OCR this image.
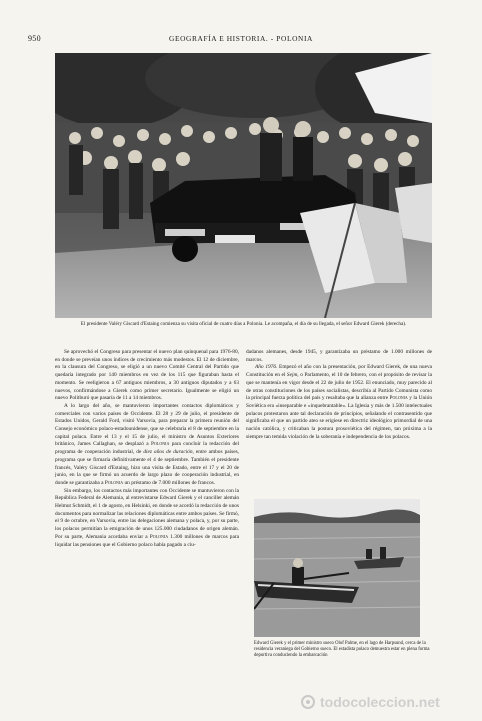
950	GEOGRAFÍA E HISTORIA. - POLONIA
El presidente Valéry Giscard d'Estaing comienza su visita oficial de cuatro días a Polonia. Le acompaña, el día de su llegada, el señor Edward Gierek (derecha).

Se aprovechó el Congreso para presentar el nuevo plan quinquenal para 1976-80, en donde se preveían unos índices de crecimiento más modestos. El 12 de diciembre, en la clausura del Congreso, se eligió a un nuevo Comité Central del Partido que quedaría integrado por 140 miembros en vez de los 115 que figuraban hasta el momento. Se reeligieron a 67 antiguos miembros, a 30 antiguos diputados y a 63 nuevos, confirmándose a Gierek como primer secretario. Igualmente se eligió un nuevo Politburó que pasaría de 11 a 14 miembros.

A lo largo del año, se mantuvieron importantes contactos diplomáticos y comerciales con varios países de Occidente. El 28 y 29 de julio, el presidente de Estados Unidos, Gerald Ford, visitó Varsovia, para preparar la primera reunión del Consejo económico polaco-estadounidense, que se celebraría el 8 de septiembre en la capital polaca. Entre el 13 y el 15 de julio, el ministro de Asuntos Exteriores británico, James Callaghan, se desplazó a Polonia para concluir la redacción del programa de cooperación industrial, de diez años de duración, entre ambos países, programa que se firmaría definitivamente el 4 de septiembre. También el presidente francés, Valéry Giscard d'Estaing, hizo una visita de Estado, entre el 17 y el 20 de junio, en la que se firmó un acuerdo de largo plazo de cooperación industrial, en donde se garantizaba a Polonia un préstamo de 7.000 millones de francos.

Sin embargo, los contactos más importantes con Occidente se mantuvieron con la República Federal de Alemania, al entrevistarse Edward Gierek y el canciller alemán Helmut Schmidt, el 1 de agosto, en Helsinki, en donde se acordó la redacción de unos documentos para normalizar las relaciones diplomáticas entre ambos países. Se firmó, el 9 de octubre, en Varsovia, entre las delegaciones alemana y polaca, y, por su parte, los polacos permitían la emigración de unos 125.000 ciudadanos de origen alemán. Por su parte, Alemania acordaba enviar a Polonia 1.300 millones de marcos para liquidar las pensiones que el Gobierno polaco había pagado a ciu-

dadanos alemanes, desde 1945, y garantizaba un préstamo de 1.000 millones de marcos.

Año 1976. Empezó el año con la presentación, por Edward Gierek, de una nueva Constitución en el Sejm, o Parlamento, el 10 de febrero, con el propósito de revisar la que se mantenía en vigor desde el 22 de julio de 1952. El enunciado, muy parecido al de otras constituciones de los países socialistas, describía al Partido Comunista como la principal fuerza política del país y resaltaba que la alianza entre Polonia y la Unión Soviética era «inseparable e «inquebrantable». La Iglesia y más de 1.500 intelectuales polacos protestaron ante tal declaración de principios, señalando el contrasentido que significaba el que un partido ateo se erigiese en directriz ideológico primordial de una nación católica, y criticaban la postura prosoviética del régimen, tan próxima a la siempre tan temida violación de la soberanía e independencia de los polacos.

Edward Gierek y el primer ministro sueco Olof Palme, en el lago de Harpsund, cerca de la residencia veraniega del Gobierno sueco. El estadista polaco demuestra estar en plena forma deportiva conduciendo la embarcación
todocoleccion.net
